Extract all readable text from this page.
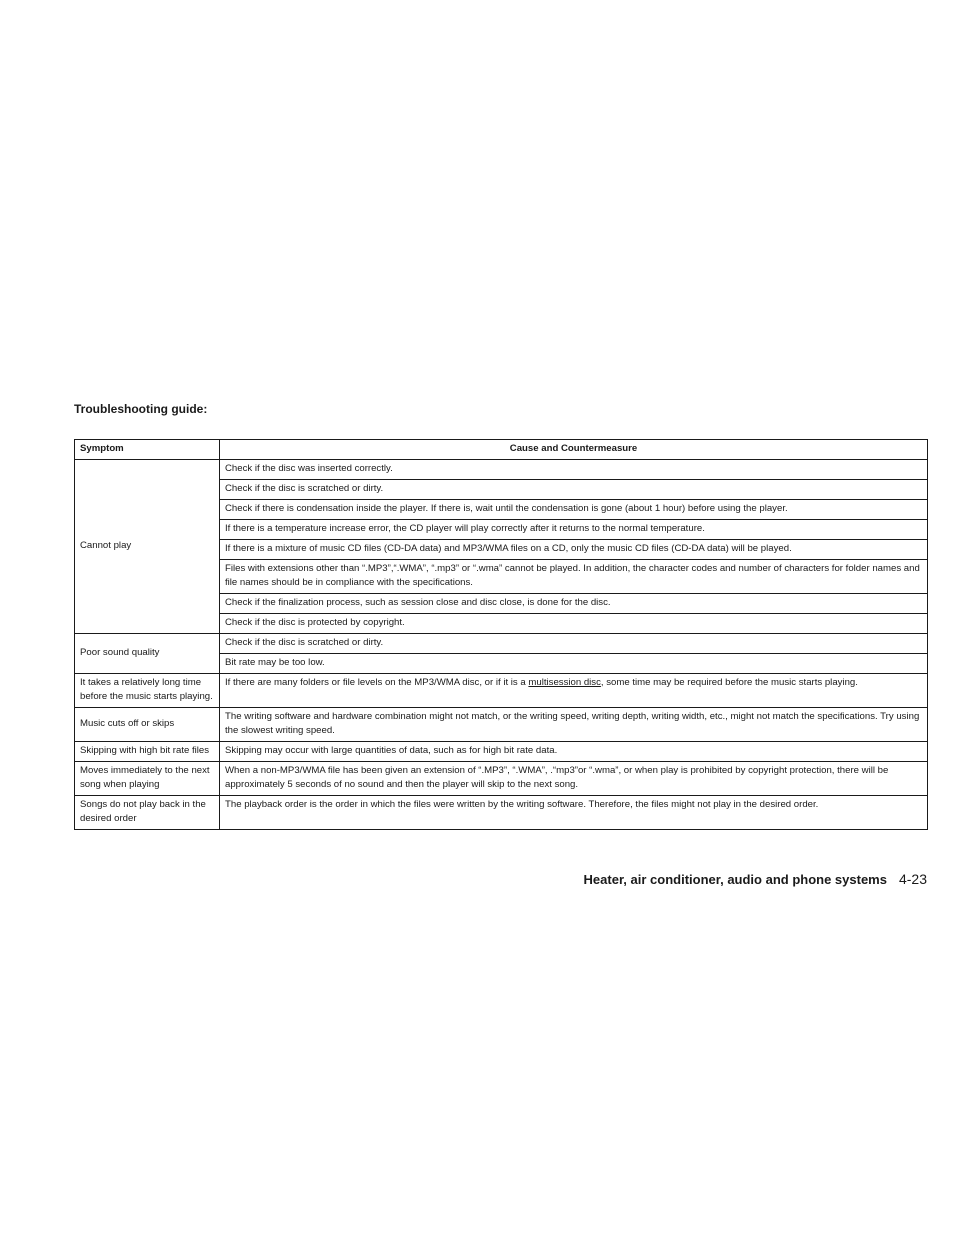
Troubleshooting guide:
Symptom	Cause and Countermeasure
Cannot play	Check if the disc was inserted correctly.
	Check if the disc is scratched or dirty.
	Check if there is condensation inside the player. If there is, wait until the condensation is gone (about 1 hour) before using the player.
	If there is a temperature increase error, the CD player will play correctly after it returns to the normal temperature.
	If there is a mixture of music CD files (CD-DA data) and MP3/WMA files on a CD, only the music CD files (CD-DA data) will be played.
	Files with extensions other than “.MP3”,“.WMA”, “.mp3” or “.wma” cannot be played. In addition, the character codes and number of characters for folder names and file names should be in compliance with the specifications.
	Check if the finalization process, such as session close and disc close, is done for the disc.
	Check if the disc is protected by copyright.
Poor sound quality	Check if the disc is scratched or dirty.
	Bit rate may be too low.
It takes a relatively long time before the music starts playing.	If there are many folders or file levels on the MP3/WMA disc, or if it is a multisession disc, some time may be required before the music starts playing.
Music cuts off or skips	The writing software and hardware combination might not match, or the writing speed, writing depth, writing width, etc., might not match the specifications. Try using the slowest writing speed.
Skipping with high bit rate files	Skipping may occur with large quantities of data, such as for high bit rate data.
Moves immediately to the next song when playing	When a non-MP3/WMA file has been given an extension of “.MP3”, “.WMA”, .“mp3”or “.wma”, or when play is prohibited by copyright protection, there will be approximately 5 seconds of no sound and then the player will skip to the next song.
Songs do not play back in the desired order	The playback order is the order in which the files were written by the writing software. Therefore, the files might not play in the desired order.
Heater, air conditioner, audio and phone systems 4-23
